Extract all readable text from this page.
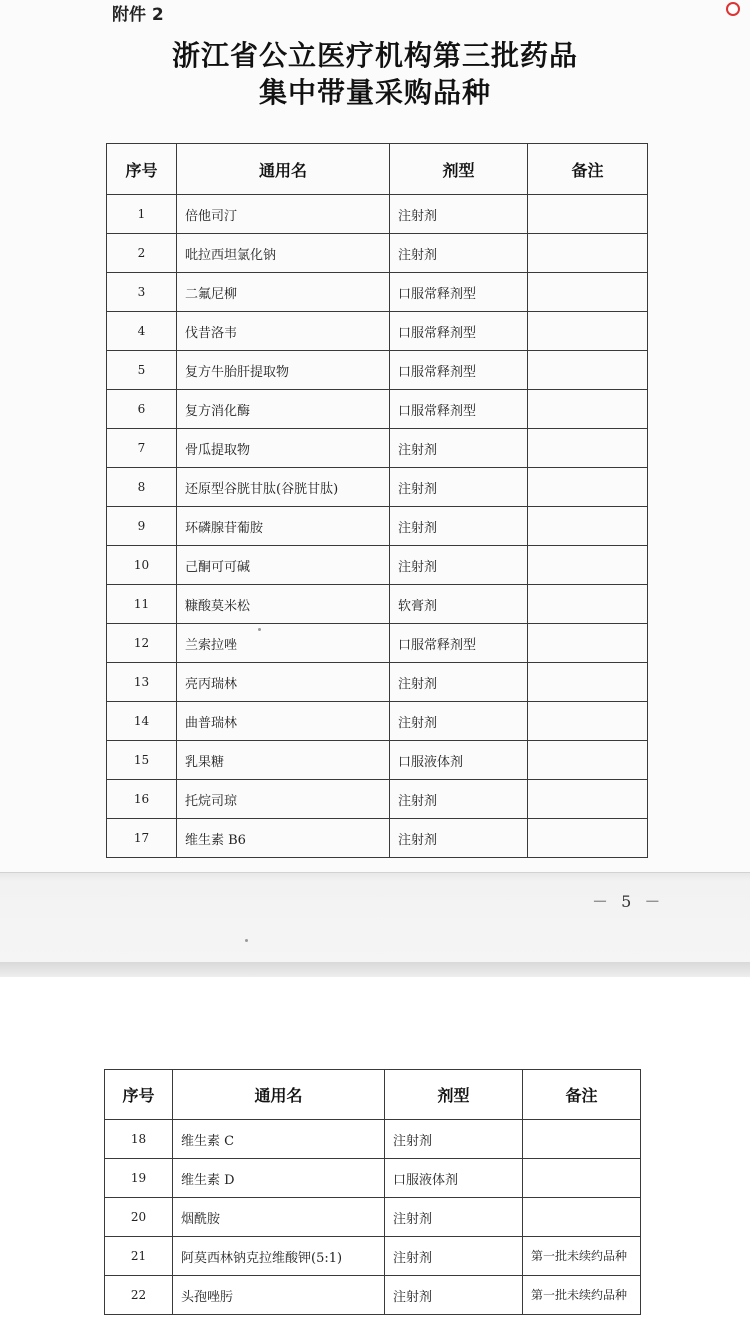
附件 2
浙江省公立医疗机构第三批药品
集中带量采购品种
序号	通用名	剂型	备注
1	倍他司汀	注射剂	
2	吡拉西坦氯化钠	注射剂	
3	二氟尼柳	口服常释剂型	
4	伐昔洛韦	口服常释剂型	
5	复方牛胎肝提取物	口服常释剂型	
6	复方消化酶	口服常释剂型	
7	骨瓜提取物	注射剂	
8	还原型谷胱甘肽(谷胱甘肽)	注射剂	
9	环磷腺苷葡胺	注射剂	
10	己酮可可碱	注射剂	
11	糠酸莫米松	软膏剂	
12	兰索拉唑	口服常释剂型	
13	亮丙瑞林	注射剂	
14	曲普瑞林	注射剂	
15	乳果糖	口服液体剂	
16	托烷司琼	注射剂	
17	维生素 B6	注射剂	
－ 5 －
序号	通用名	剂型	备注
18	维生素 C	注射剂	
19	维生素 D	口服液体剂	
20	烟酰胺	注射剂	
21	阿莫西林钠克拉维酸钾(5:1)	注射剂	第一批未续约品种
22	头孢唑肟	注射剂	第一批未续约品种
